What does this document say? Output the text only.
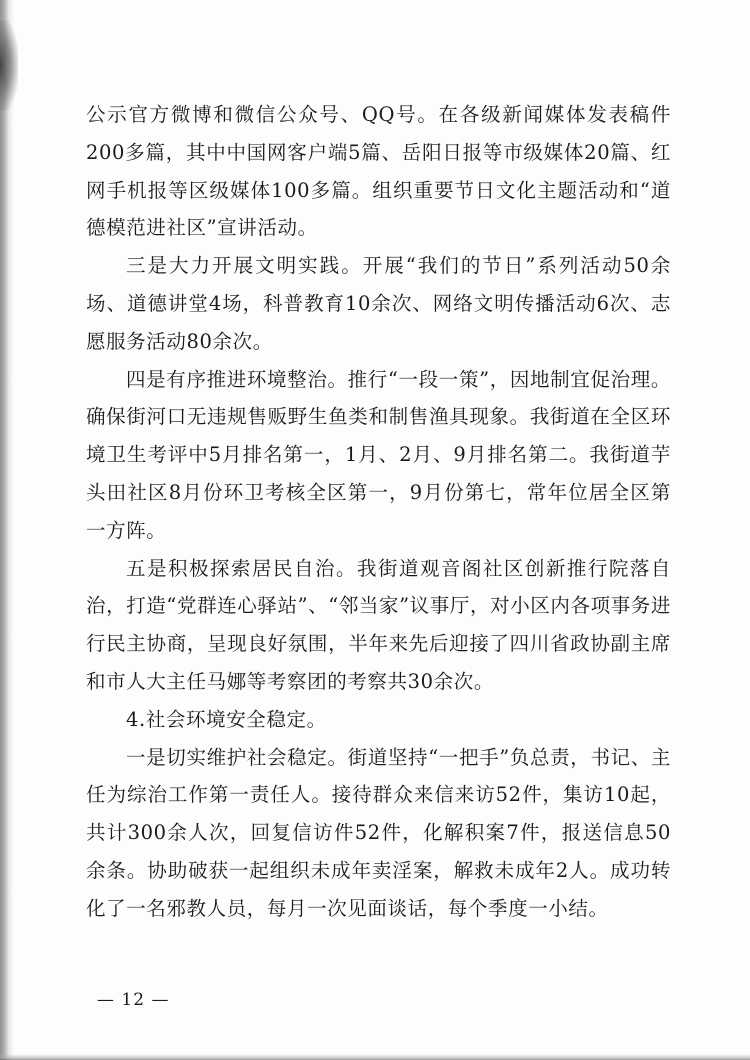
公示官方微博和微信公众号、QQ号。在各级新闻媒体发表稿件200多篇，其中中国网客户端5篇、岳阳日报等市级媒体20篇、红网手机报等区级媒体100多篇。组织重要节日文化主题活动和“道德模范进社区”宣讲活动。

三是大力开展文明实践。开展“我们的节日”系列活动50余场、道德讲堂4场，科普教育10余次、网络文明传播活动6次、志愿服务活动80余次。

四是有序推进环境整治。推行“一段一策”，因地制宜促治理。确保街河口无违规售贩野生鱼类和制售渔具现象。我街道在全区环境卫生考评中5月排名第一，1月、2月、9月排名第二。我街道芋头田社区8月份环卫考核全区第一，9月份第七，常年位居全区第一方阵。

五是积极探索居民自治。我街道观音阁社区创新推行院落自治，打造“党群连心驿站”、“邻当家”议事厅，对小区内各项事务进行民主协商，呈现良好氛围，半年来先后迎接了四川省政协副主席和市人大主任马娜等考察团的考察共30余次。

4.社会环境安全稳定。

一是切实维护社会稳定。街道坚持“一把手”负总责，书记、主任为综治工作第一责任人。接待群众来信来访52件，集访10起，共计300余人次，回复信访件52件，化解积案7件，报送信息50余条。协助破获一起组织未成年卖淫案，解救未成年2人。成功转化了一名邪教人员，每月一次见面谈话，每个季度一小结。

— 12 —
